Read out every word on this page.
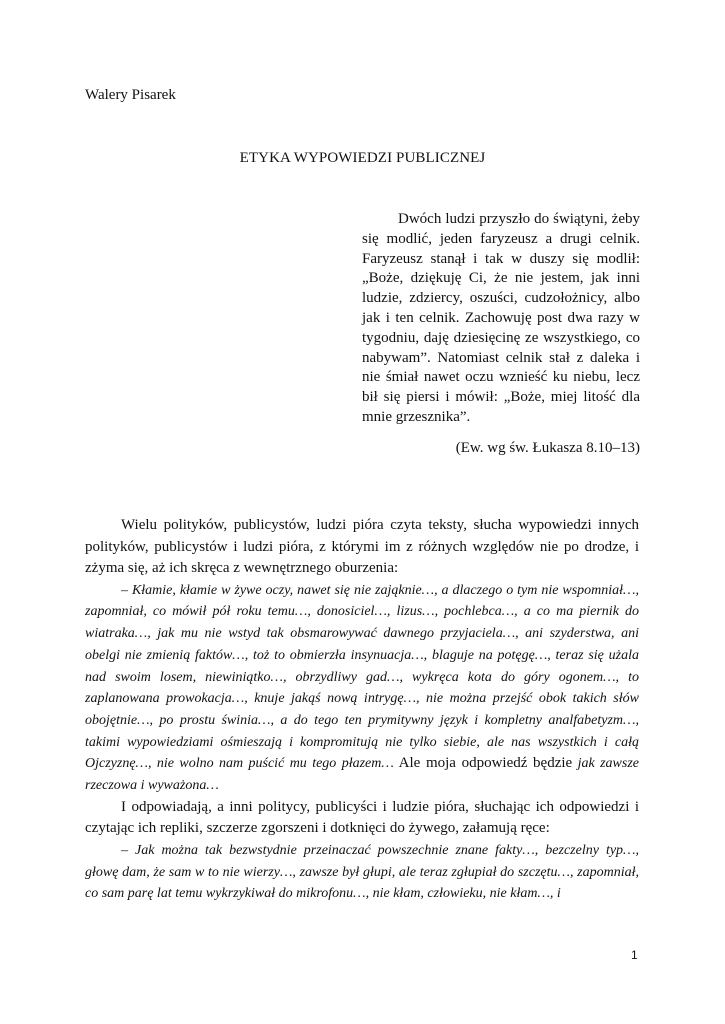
Walery Pisarek
ETYKA WYPOWIEDZI PUBLICZNEJ

Dwóch ludzi przyszło do świątyni, żeby się modlić, jeden faryzeusz a drugi celnik. Faryzeusz stanął i tak w duszy się modlił: „Boże, dziękuję Ci, że nie jestem, jak inni ludzie, zdziercy, oszuści, cudzołożnicy, albo jak i ten celnik. Zachowuję post dwa razy w tygodniu, daję dziesięcinę ze wszystkiego, co nabywam”. Natomiast celnik stał z daleka i nie śmiał nawet oczu wznieść ku niebu, lecz bił się piersi i mówił: „Boże, miej litość dla mnie grzesznika”.

(Ew. wg św. Łukasza 8.10–13)

Wielu polityków, publicystów, ludzi pióra czyta teksty, słucha wypowiedzi innych polityków, publicystów i ludzi pióra, z którymi im z różnych względów nie po drodze, i zżyma się, aż ich skręca z wewnętrznego oburzenia:

– Kłamie, kłamie w żywe oczy, nawet się nie zająknie…, a dlaczego o tym nie wspomniał…, zapomniał, co mówił pół roku temu…, donosiciel…, lizus…, pochlebca…, a co ma piernik do wiatraka…, jak mu nie wstyd tak obsmarowywać dawnego przyjaciela…, ani szyderstwa, ani obelgi nie zmienią faktów…, toż to obmierzła insynuacja…, blaguje na potęgę…, teraz się użala nad swoim losem, niewiniątko…, obrzydliwy gad…, wykręca kota do góry ogonem…, to zaplanowana prowokacja…, knuje jakąś nową intrygę…, nie można przejść obok takich słów obojętnie…, po prostu świnia…, a do tego ten prymitywny język i kompletny analfabetyzm…, takimi wypowiedziami ośmieszają i kompromitują nie tylko siebie, ale nas wszystkich i całą Ojczyznę…, nie wolno nam puścić mu tego płazem… Ale moja odpowiedź będzie jak zawsze rzeczowa i wyważona…

I odpowiadają, a inni politycy, publicyści i ludzie pióra, słuchając ich odpowiedzi i czytając ich repliki, szczerze zgorszeni i dotknięci do żywego, załamują ręce:

– Jak można tak bezwstydnie przeinaczać powszechnie znane fakty…, bezczelny typ…, głowę dam, że sam w to nie wierzy…, zawsze był głupi, ale teraz zgłupiał do szczętu…, zapomniał, co sam parę lat temu wykrzykiwał do mikrofonu…, nie kłam, człowieku, nie kłam…, i

1
